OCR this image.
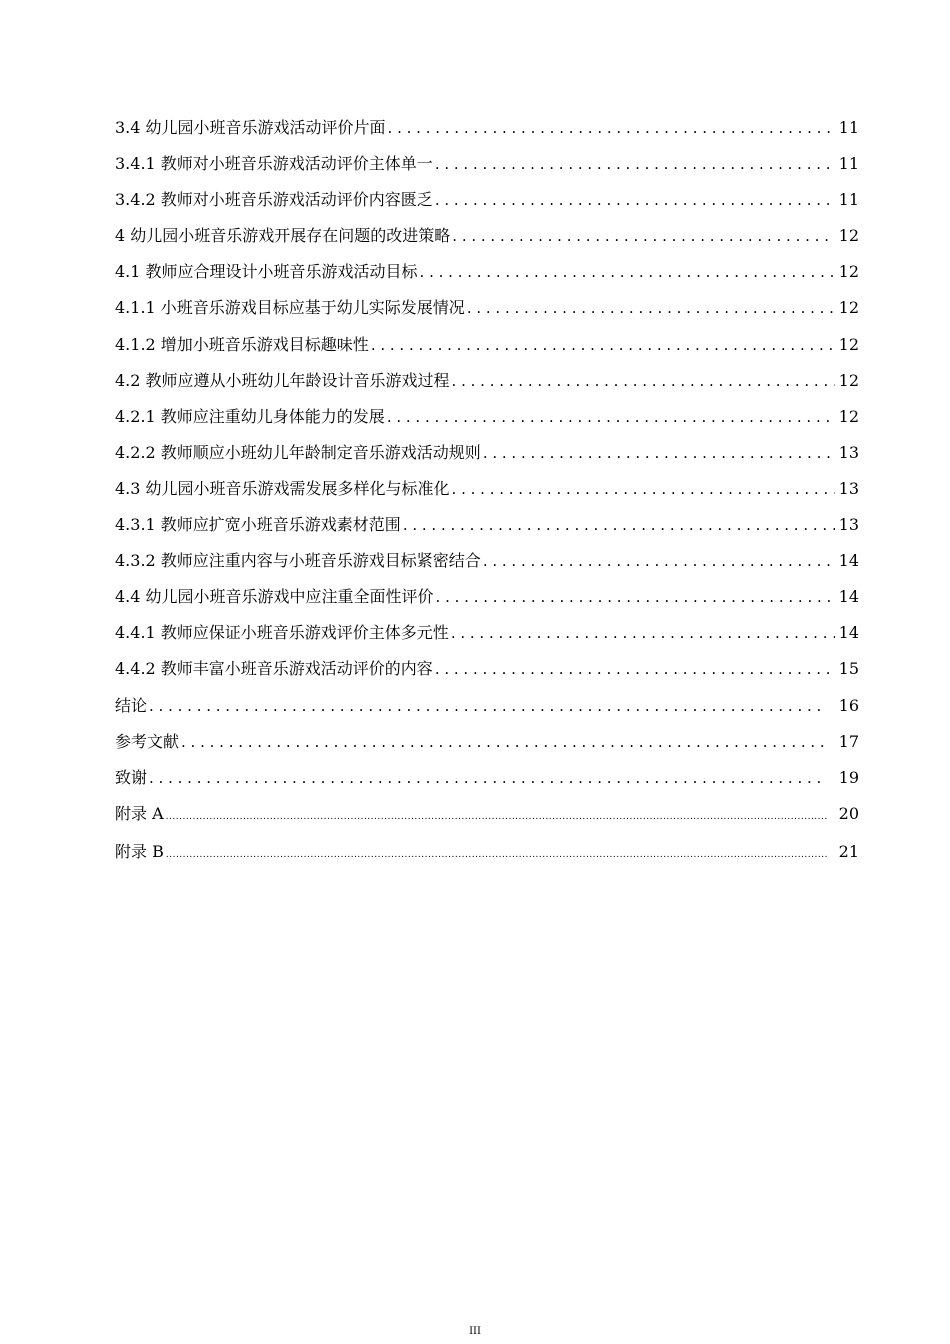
3.4 幼儿园小班音乐游戏活动评价片面 . . .	11
3.4.1 教师对小班音乐游戏活动评价主体单一 . . .	11
3.4.2 教师对小班音乐游戏活动评价内容匮乏 . . .	11
4 幼儿园小班音乐游戏开展存在问题的改进策略 . . .	12
4.1 教师应合理设计小班音乐游戏活动目标 . . .	12
4.1.1 小班音乐游戏目标应基于幼儿实际发展情况 . . .	12
4.1.2 增加小班音乐游戏目标趣味性 . . .	12
4.2 教师应遵从小班幼儿年龄设计音乐游戏过程 . . .	12
4.2.1 教师应注重幼儿身体能力的发展 . . .	12
4.2.2 教师顺应小班幼儿年龄制定音乐游戏活动规则 . . .	13
4.3 幼儿园小班音乐游戏需发展多样化与标准化 . . .	13
4.3.1 教师应扩宽小班音乐游戏素材范围 . . .	13
4.3.2 教师应注重内容与小班音乐游戏目标紧密结合 . . .	14
4.4 幼儿园小班音乐游戏中应注重全面性评价 . . .	14
4.4.1 教师应保证小班音乐游戏评价主体多元性 . . .	14
4.4.2 教师丰富小班音乐游戏活动评价的内容 . . .	15
结论 . . .	16
参考文献 . . .	17
致谢 . . .	19
附录 A .....	20
附录 B .....	21
III
